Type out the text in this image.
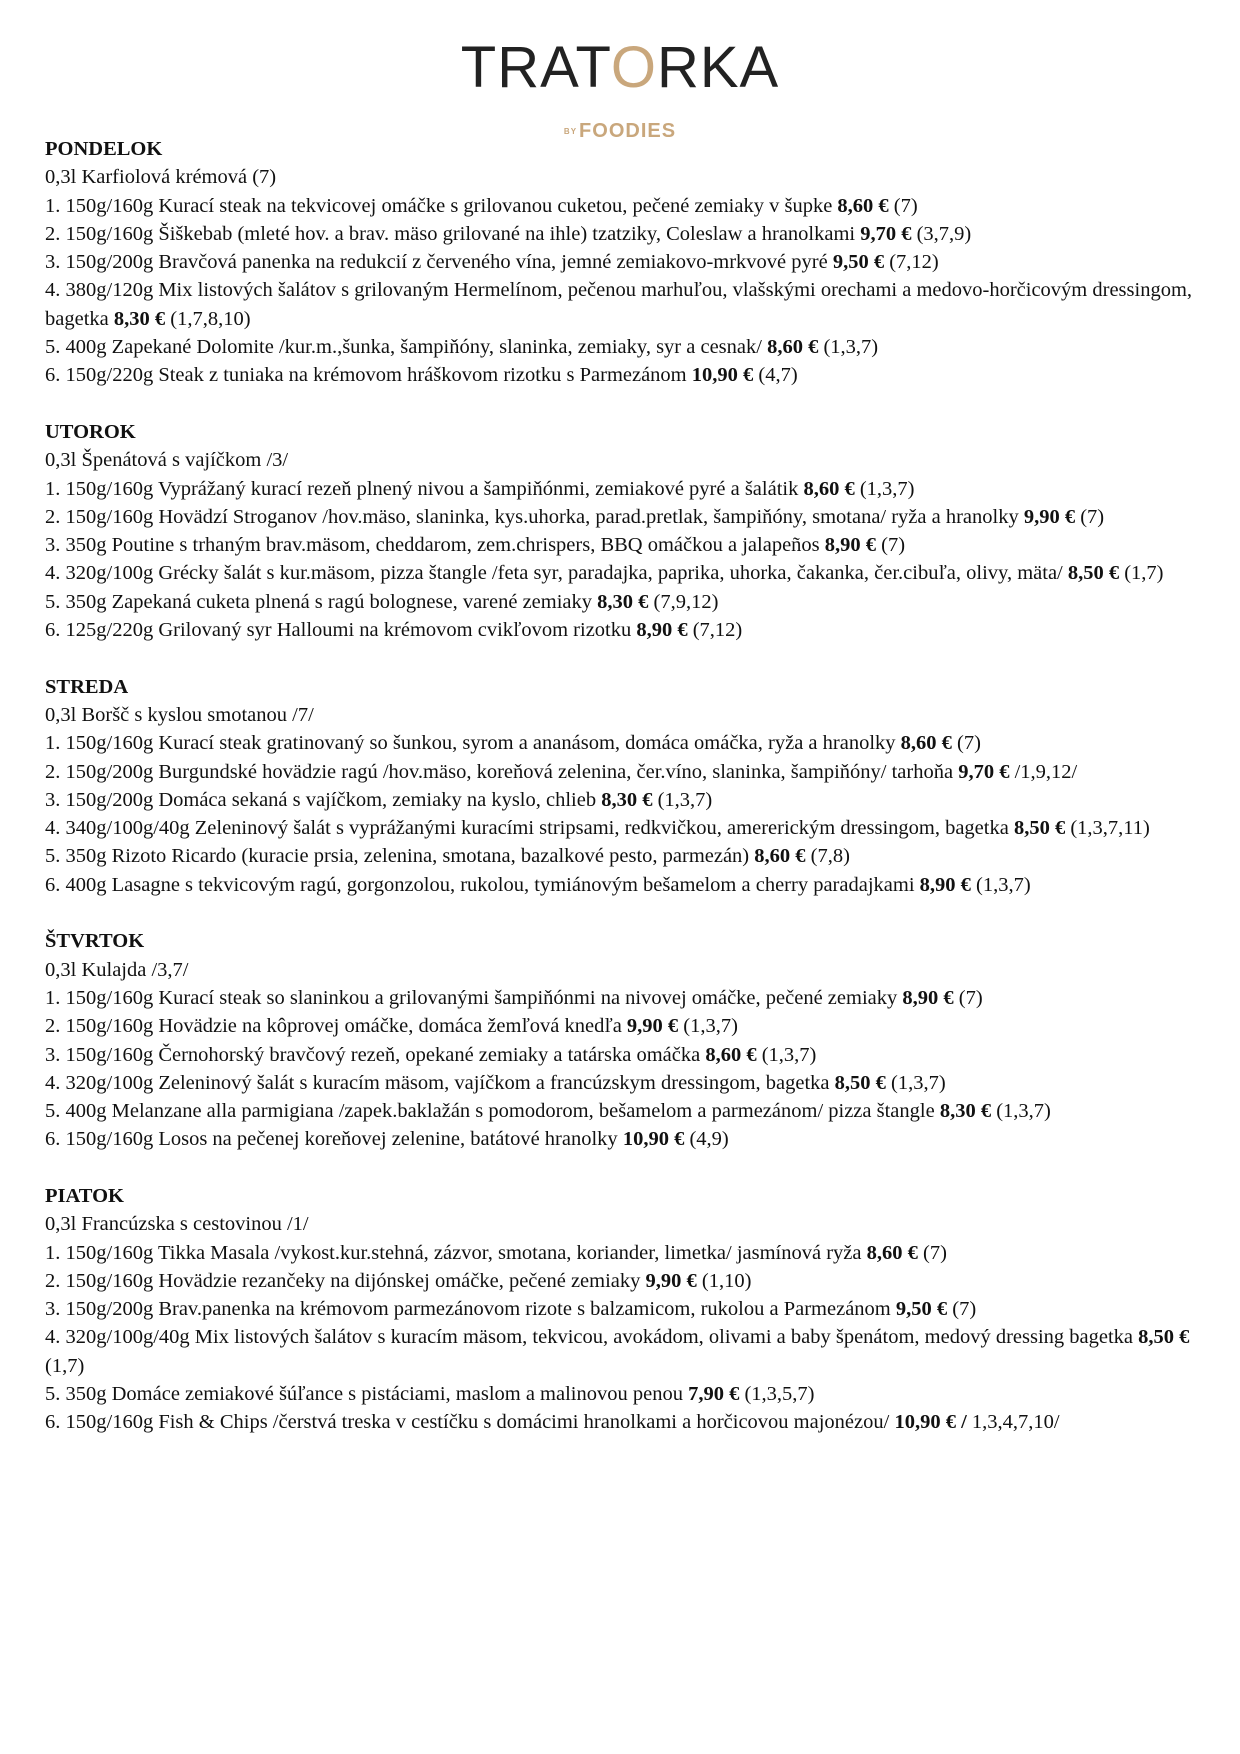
TRATORKA
BY FOODIES
PONDELOK
0,3l Karfiolová krémová (7)
1. 150g/160g Kurací steak na tekvicovej omáčke s grilovanou cuketou, pečené zemiaky v šupke 8,60 € (7)
2. 150g/160g Šiškebab (mleté hov. a brav. mäso grilované na ihle) tzatziky, Coleslaw a hranolkami 9,70 € (3,7,9)
3. 150g/200g Bravčová panenka na redukcií z červeného vína, jemné zemiakovo-mrkvové pyré 9,50 € (7,12)
4. 380g/120g Mix listových šalátov s grilovaným Hermelínom, pečenou marhuľou, vlašskými orechami a medovo-horčicovým dressingom, bagetka 8,30 € (1,7,8,10)
5. 400g Zapekané Dolomite /kur.m.,šunka, šampiňóny, slaninka, zemiaky, syr a cesnak/ 8,60 € (1,3,7)
6. 150g/220g Steak z tuniaka na krémovom hráškovom rizotku s Parmezánom 10,90 € (4,7)
UTOROK
0,3l Špenátová s vajíčkom /3/
1. 150g/160g Vyprážaný kurací rezeň plnený nivou a šampiňónmi, zemiakové pyré a šalátik 8,60 € (1,3,7)
2. 150g/160g Hovädzí Stroganov /hov.mäso, slaninka, kys.uhorka, parad.pretlak, šampiňóny, smotana/ ryža a hranolky 9,90 € (7)
3. 350g Poutine s trhaným brav.mäsom, cheddarom, zem.chrispers, BBQ omáčkou a jalapeños 8,90 € (7)
4. 320g/100g Grécky šalát s kur.mäsom, pizza štangle /feta syr, paradajka, paprika, uhorka, čakanka, čer.cibuľa, olivy, mäta/ 8,50 € (1,7)
5. 350g Zapekaná cuketa plnená s ragú bolognese, varené zemiaky 8,30 € (7,9,12)
6. 125g/220g Grilovaný syr Halloumi na krémovom cvikľovom rizotku 8,90 € (7,12)
STREDA
0,3l Boršč s kyslou smotanou /7/
1. 150g/160g Kurací steak gratinovaný so šunkou, syrom a ananásom, domáca omáčka, ryža a hranolky 8,60 € (7)
2. 150g/200g Burgundské hovädzie ragú /hov.mäso, koreňová zelenina, čer.víno, slaninka, šampiňóny/ tarhoňa 9,70 € /1,9,12/
3. 150g/200g Domáca sekaná s vajíčkom, zemiaky na kyslo, chlieb 8,30 € (1,3,7)
4. 340g/100g/40g Zeleninový šalát s vyprážanými kuracími stripsami, redkvičkou, amererickým dressingom, bagetka 8,50 € (1,3,7,11)
5. 350g Rizoto Ricardo (kuracie prsia, zelenina, smotana, bazalkové pesto, parmezán) 8,60 € (7,8)
6. 400g Lasagne s tekvicovým ragú, gorgonzolou, rukolou, tymiánovým bešamelom a cherry paradajkami 8,90 € (1,3,7)
ŠTVRTOK
0,3l Kulajda /3,7/
1. 150g/160g Kurací steak so slaninkou a grilovanými šampiňónmi na nivovej omáčke, pečené zemiaky 8,90 € (7)
2. 150g/160g Hovädzie na kôprovej omáčke, domáca žemľová knedľa 9,90 € (1,3,7)
3. 150g/160g Černohorský bravčový rezeň, opekané zemiaky a tatárska omáčka 8,60 € (1,3,7)
4. 320g/100g Zeleninový šalát s kuracím mäsom, vajíčkom a francúzskym dressingom, bagetka 8,50 € (1,3,7)
5. 400g Melanzane alla parmigiana /zapek.baklažán s pomodorom, bešamelom a parmezánom/ pizza štangle 8,30 € (1,3,7)
6. 150g/160g Losos na pečenej koreňovej zelenine, batátové hranolky 10,90 € (4,9)
PIATOK
0,3l Francúzska s cestovinou /1/
1. 150g/160g Tikka Masala /vykost.kur.stehná, zázvor, smotana, koriander, limetka/ jasmínová ryža 8,60 € (7)
2. 150g/160g Hovädzie rezančeky na dijónskej omáčke, pečené zemiaky 9,90 € (1,10)
3. 150g/200g Brav.panenka na krémovom parmezánovom rizote s balzamicom, rukolou a Parmezánom 9,50 € (7)
4. 320g/100g/40g Mix listových šalátov s kuracím mäsom, tekvicou, avokádom, olivami a baby špenátom, medový dressing bagetka 8,50 € (1,7)
5. 350g Domáce zemiakové šúľance s pistáciami, maslom a malinovou penou 7,90 € (1,3,5,7)
6. 150g/160g Fish & Chips /čerstvá treska v cestíčku s domácimi hranolkami a horčicovou majonézou/ 10,90 € / 1,3,4,7,10/
